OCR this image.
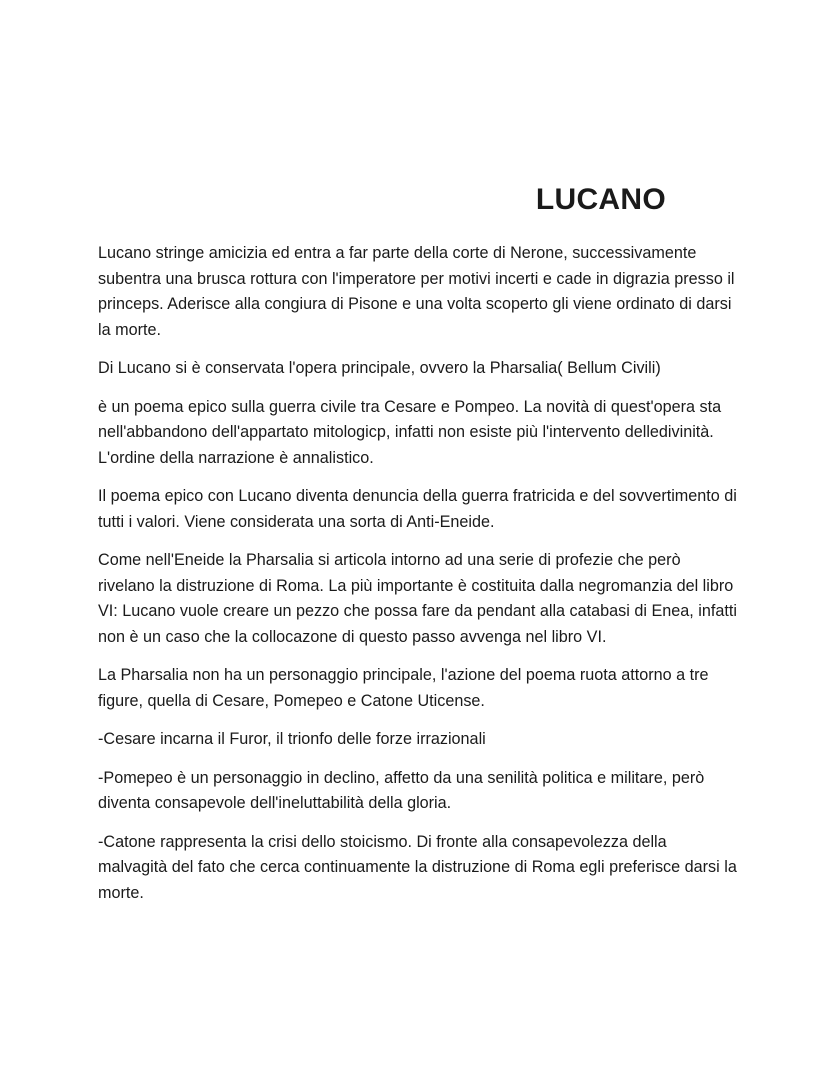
LUCANO

Lucano stringe amicizia ed entra a far parte della corte di Nerone, successivamente subentra una brusca rottura con l'imperatore per motivi incerti e cade in digrazia presso il princeps. Aderisce alla congiura di Pisone e una volta scoperto gli viene ordinato di darsi la morte.

Di Lucano si è conservata l'opera principale, ovvero la Pharsalia( Bellum Civili)

è un poema epico sulla guerra civile tra Cesare e Pompeo. La novità di quest'opera sta nell'abbandono dell'appartato mitologicp, infatti non esiste più l'intervento delledivinità. L'ordine della narrazione è annalistico.

Il poema epico con Lucano diventa denuncia della guerra fratricida e del sovvertimento di tutti i valori. Viene considerata una sorta di Anti-Eneide.

Come nell'Eneide la Pharsalia si articola intorno ad una serie di profezie che però rivelano la distruzione di Roma. La più importante è costituita dalla negromanzia del libro VI: Lucano vuole creare un pezzo che possa fare da pendant alla catabasi di Enea, infatti non è un caso che la collocazone di questo passo avvenga nel libro VI.

La Pharsalia non ha un personaggio principale, l'azione del poema ruota attorno a tre figure, quella di Cesare, Pomepeo e Catone Uticense.

-Cesare incarna il Furor, il trionfo delle forze irrazionali

-Pomepeo è un personaggio in declino, affetto da una senilità politica e militare, però diventa consapevole dell'ineluttabilità della gloria.

-Catone rappresenta la crisi dello stoicismo. Di fronte alla consapevolezza della malvagità del fato che cerca continuamente la distruzione di Roma egli preferisce darsi la morte.
